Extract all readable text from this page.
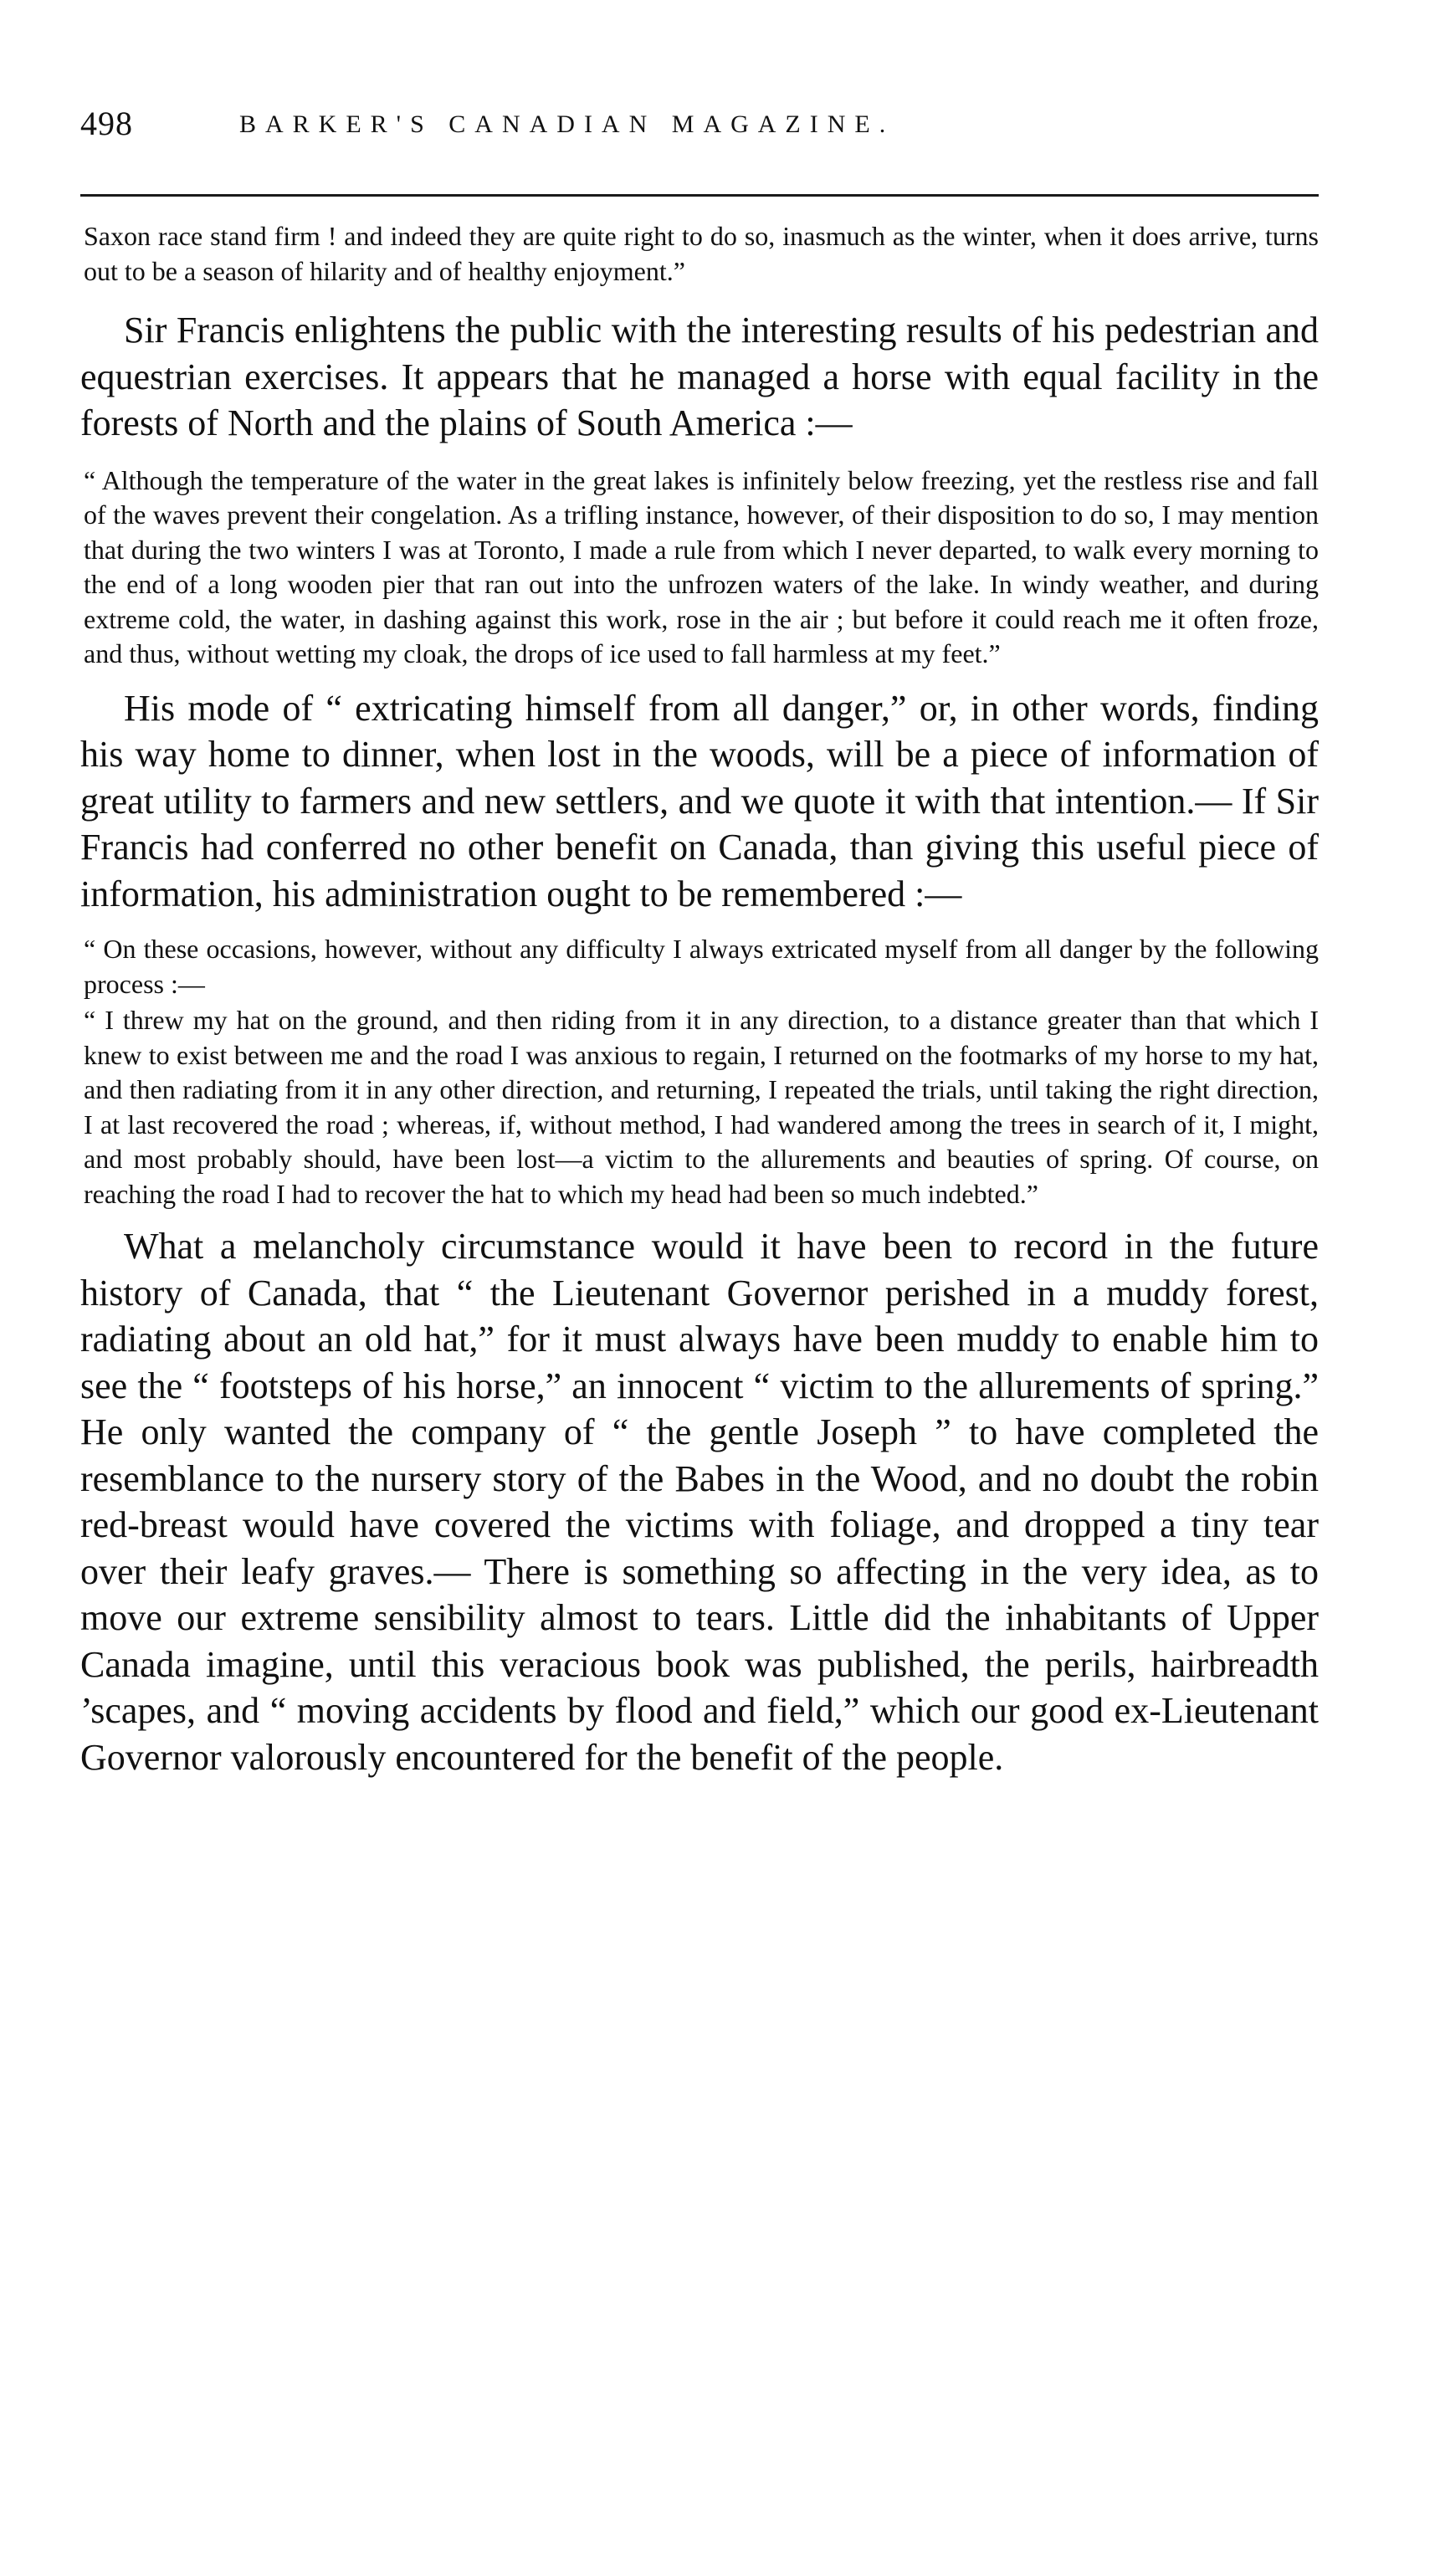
498	BARKER'S CANADIAN MAGAZINE.

Saxon race stand firm ! and indeed they are quite right to do so, inasmuch as the winter, when it does arrive, turns out to be a season of hilarity and of healthy enjoyment.”

Sir Francis enlightens the public with the interesting results of his pedestrian and equestrian exercises. It appears that he managed a horse with equal facility in the forests of North and the plains of South America :—

“ Although the temperature of the water in the great lakes is infinitely below freezing, yet the restless rise and fall of the waves prevent their congelation. As a trifling instance, however, of their disposition to do so, I may mention that during the two winters I was at Toronto, I made a rule from which I never departed, to walk every morning to the end of a long wooden pier that ran out into the unfrozen waters of the lake. In windy weather, and during extreme cold, the water, in dashing against this work, rose in the air ; but before it could reach me it often froze, and thus, without wetting my cloak, the drops of ice used to fall harmless at my feet.”

His mode of “ extricating himself from all danger,” or, in other words, finding his way home to dinner, when lost in the woods, will be a piece of information of great utility to farmers and new settlers, and we quote it with that intention.— If Sir Francis had conferred no other benefit on Canada, than giving this useful piece of information, his administration ought to be remembered :—

“ On these occasions, however, without any difficulty I always extricated myself from all danger by the following process :—

“ I threw my hat on the ground, and then riding from it in any direction, to a distance greater than that which I knew to exist between me and the road I was anxious to regain, I returned on the footmarks of my horse to my hat, and then radiating from it in any other direction, and returning, I repeated the trials, until taking the right direction, I at last recovered the road ; whereas, if, without method, I had wandered among the trees in search of it, I might, and most probably should, have been lost—a victim to the allurements and beauties of spring. Of course, on reaching the road I had to recover the hat to which my head had been so much indebted.”

What a melancholy circumstance would it have been to record in the future history of Canada, that “ the Lieutenant Governor perished in a muddy forest, radiating about an old hat,” for it must always have been muddy to enable him to see the “ footsteps of his horse,” an innocent “ victim to the allurements of spring.” He only wanted the company of “ the gentle Joseph ” to have completed the resemblance to the nursery story of the Babes in the Wood, and no doubt the robin red-breast would have covered the victims with foliage, and dropped a tiny tear over their leafy graves.— There is something so affecting in the very idea, as to move our extreme sensibility almost to tears. Little did the inhabitants of Upper Canada imagine, until this veracious book was published, the perils, hairbreadth ’scapes, and “ moving accidents by flood and field,” which our good ex-Lieutenant Governor valorously encountered for the benefit of the people.
